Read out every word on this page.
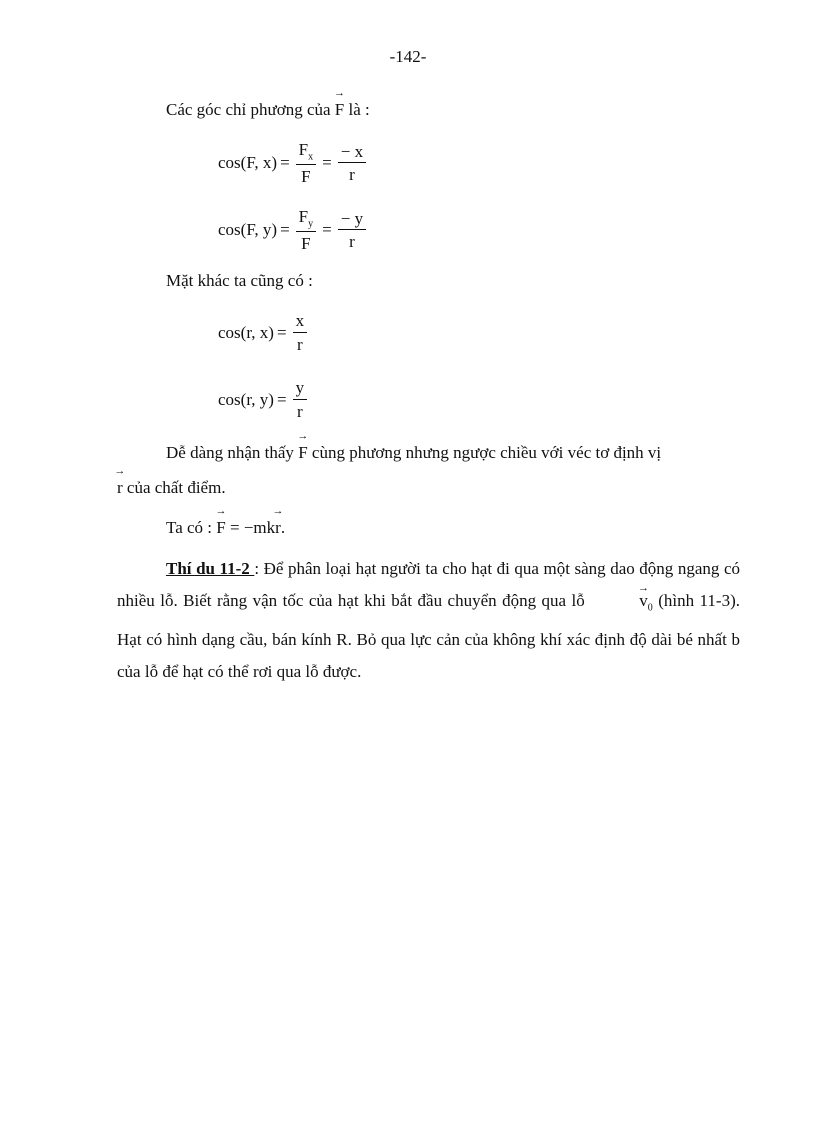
-142-
Các góc chỉ phương của → F là :
cos(F, $x) = \frac{F_x}{F} = \frac{- x}{r}$
cos(F, $y) = \frac{F_y}{F} = \frac{- y}{r}$
Mặt khác ta cũng có :
cos(r, $x) = \frac{x}{r}$
cos(r, $y) = \frac{y}{r}$
Dễ dàng nhận thấy → F cùng phương nhưng ngược chiều với véc tơ định vị
→ r của chất điểm.
Ta có : → F = −mk→ r.
Thí du 11-2 : Để phân loại hạt người ta cho hạt đi qua một sàng dao động ngang có nhiều lỗ. Biết rằng vận tốc của hạt khi bắt đầu chuyển động qua lỗ →	$v_0$ (hình 11-3). Hạt có hình dạng cầu, bán kính R. Bỏ qua lực cản của không khí xác định độ dài bé nhất b của lỗ để hạt có thể rơi qua lỗ được.
